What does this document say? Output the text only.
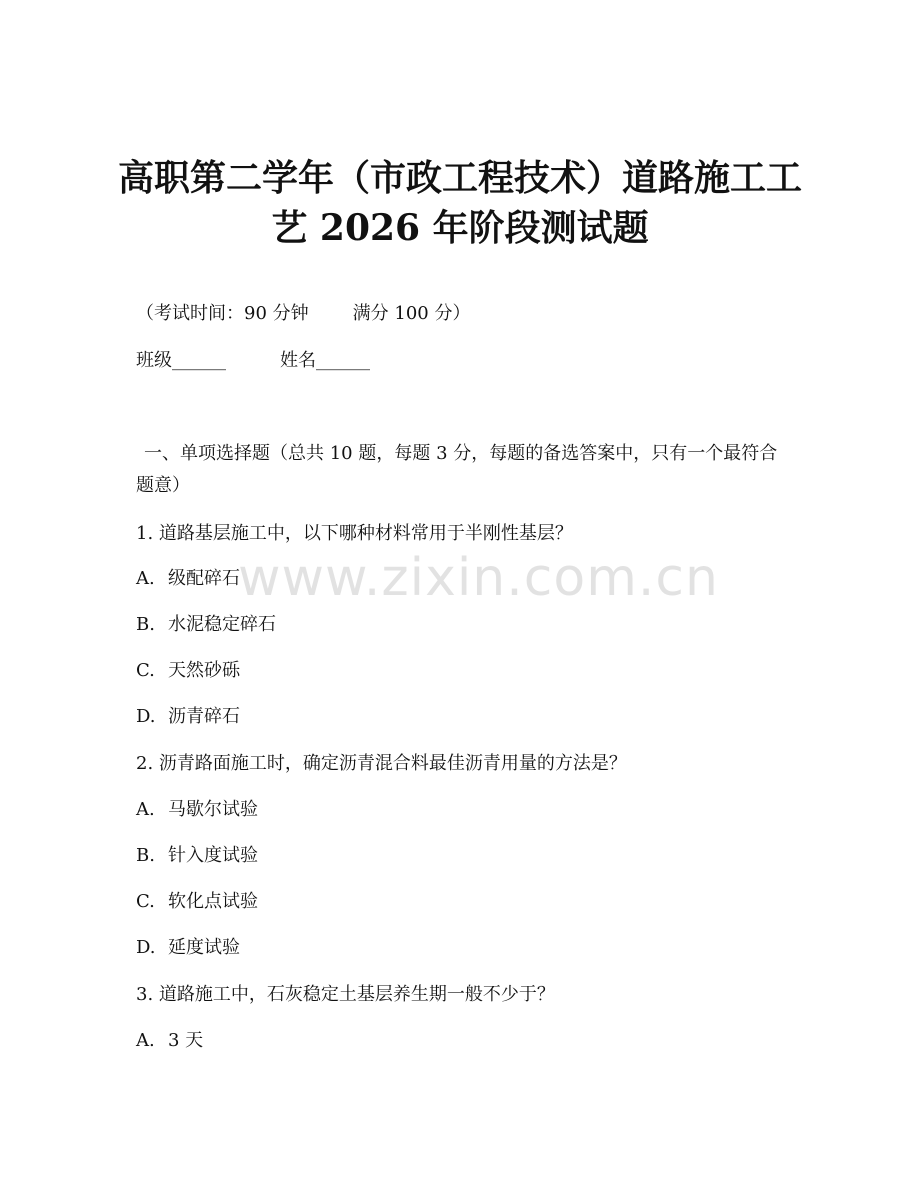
高职第二学年（市政工程技术）道路施工工
艺 2026 年阶段测试题
（考试时间：90 分钟 满分 100 分）
班级______	姓名______
一、单项选择题（总共 10 题，每题 3 分，每题的备选答案中，只有一个最符合题意）
1. 道路基层施工中，以下哪种材料常用于半刚性基层？
A. 级配碎石
B. 水泥稳定碎石
C. 天然砂砾
D. 沥青碎石
2. 沥青路面施工时，确定沥青混合料最佳沥青用量的方法是？
A. 马歇尔试验
B. 针入度试验
C. 软化点试验
D. 延度试验
3. 道路施工中，石灰稳定土基层养生期一般不少于？
A. 3 天
www.zixin.com.cn
